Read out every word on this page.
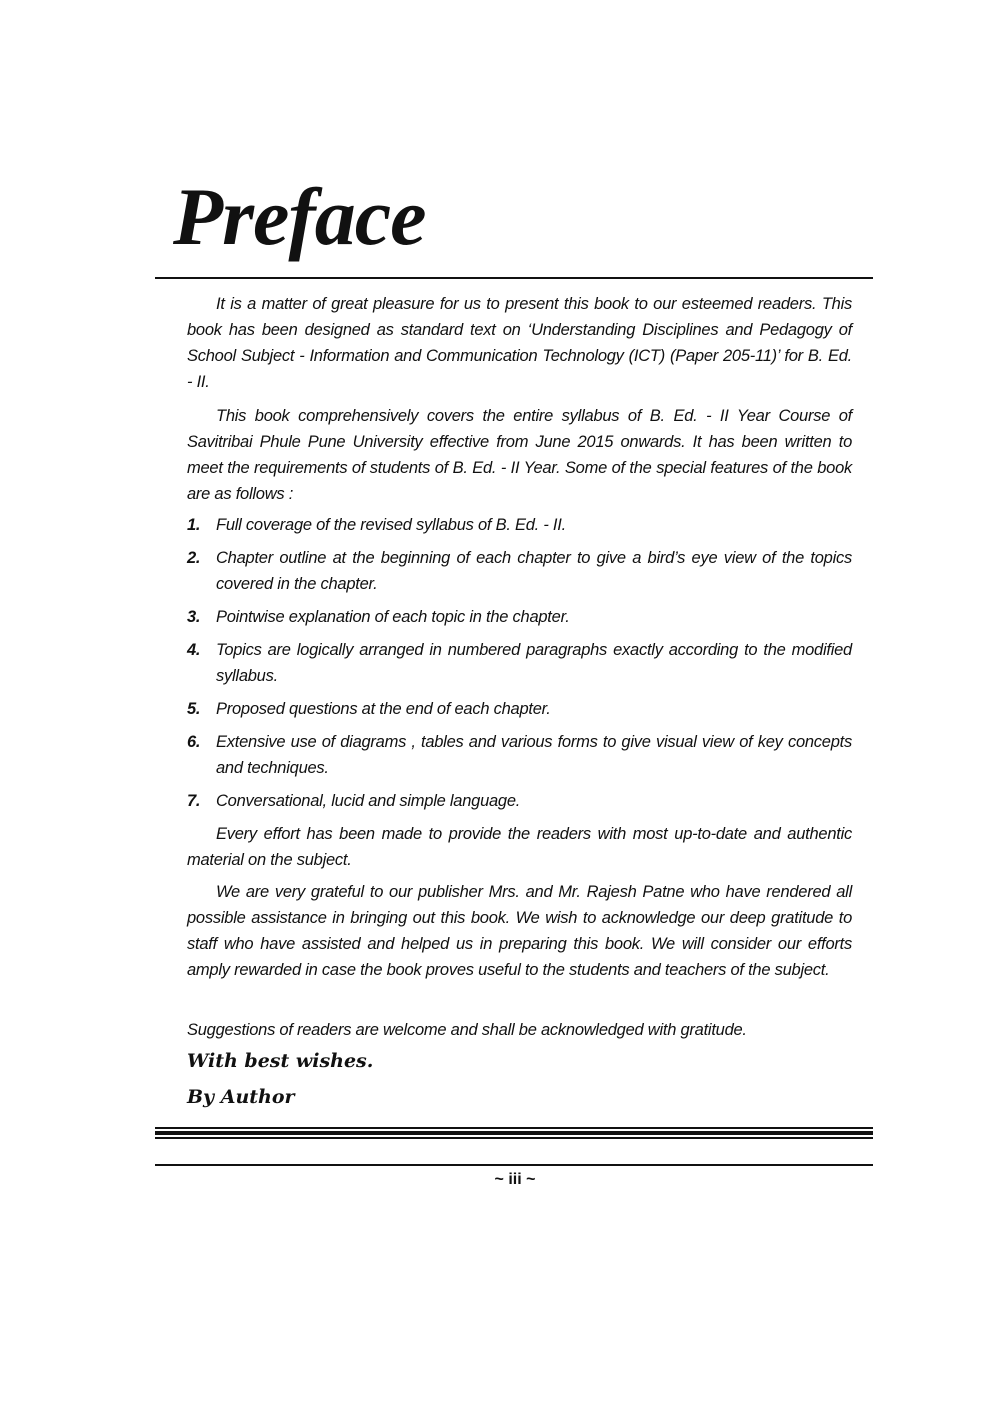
Preface

It is a matter of great pleasure for us to present this book to our esteemed readers. This book has been designed as standard text on ‘Understanding Disciplines and Pedagogy of School Subject - Information and Communication Technology (ICT) (Paper 205-11)’ for B. Ed. - II.

This book comprehensively covers the entire syllabus of B. Ed. - II Year Course of Savitribai Phule Pune University effective from June 2015 onwards. It has been written to meet the requirements of students of B. Ed. - II Year. Some of the special features of the book are as follows :

1. Full coverage of the revised syllabus of B. Ed. - II.
2. Chapter outline at the beginning of each chapter to give a bird’s eye view of the topics covered in the chapter.
3. Pointwise explanation of each topic in the chapter.
4. Topics are logically arranged in numbered paragraphs exactly according to the modified syllabus.
5. Proposed questions at the end of each chapter.
6. Extensive use of diagrams , tables and various forms to give visual view of key concepts and techniques.
7. Conversational, lucid and simple language.

Every effort has been made to provide the readers with most up-to-date and authentic material on the subject.

We are very grateful to our publisher Mrs. and Mr. Rajesh Patne who have rendered all possible assistance in bringing out this book. We wish to acknowledge our deep gratitude to staff who have assisted and helped us in preparing this book. We will consider our efforts amply rewarded in case the book proves useful to the students and teachers of the subject.

Suggestions of readers are welcome and shall be acknowledged with gratitude.
With best wishes.
By Author
~ iii ~
